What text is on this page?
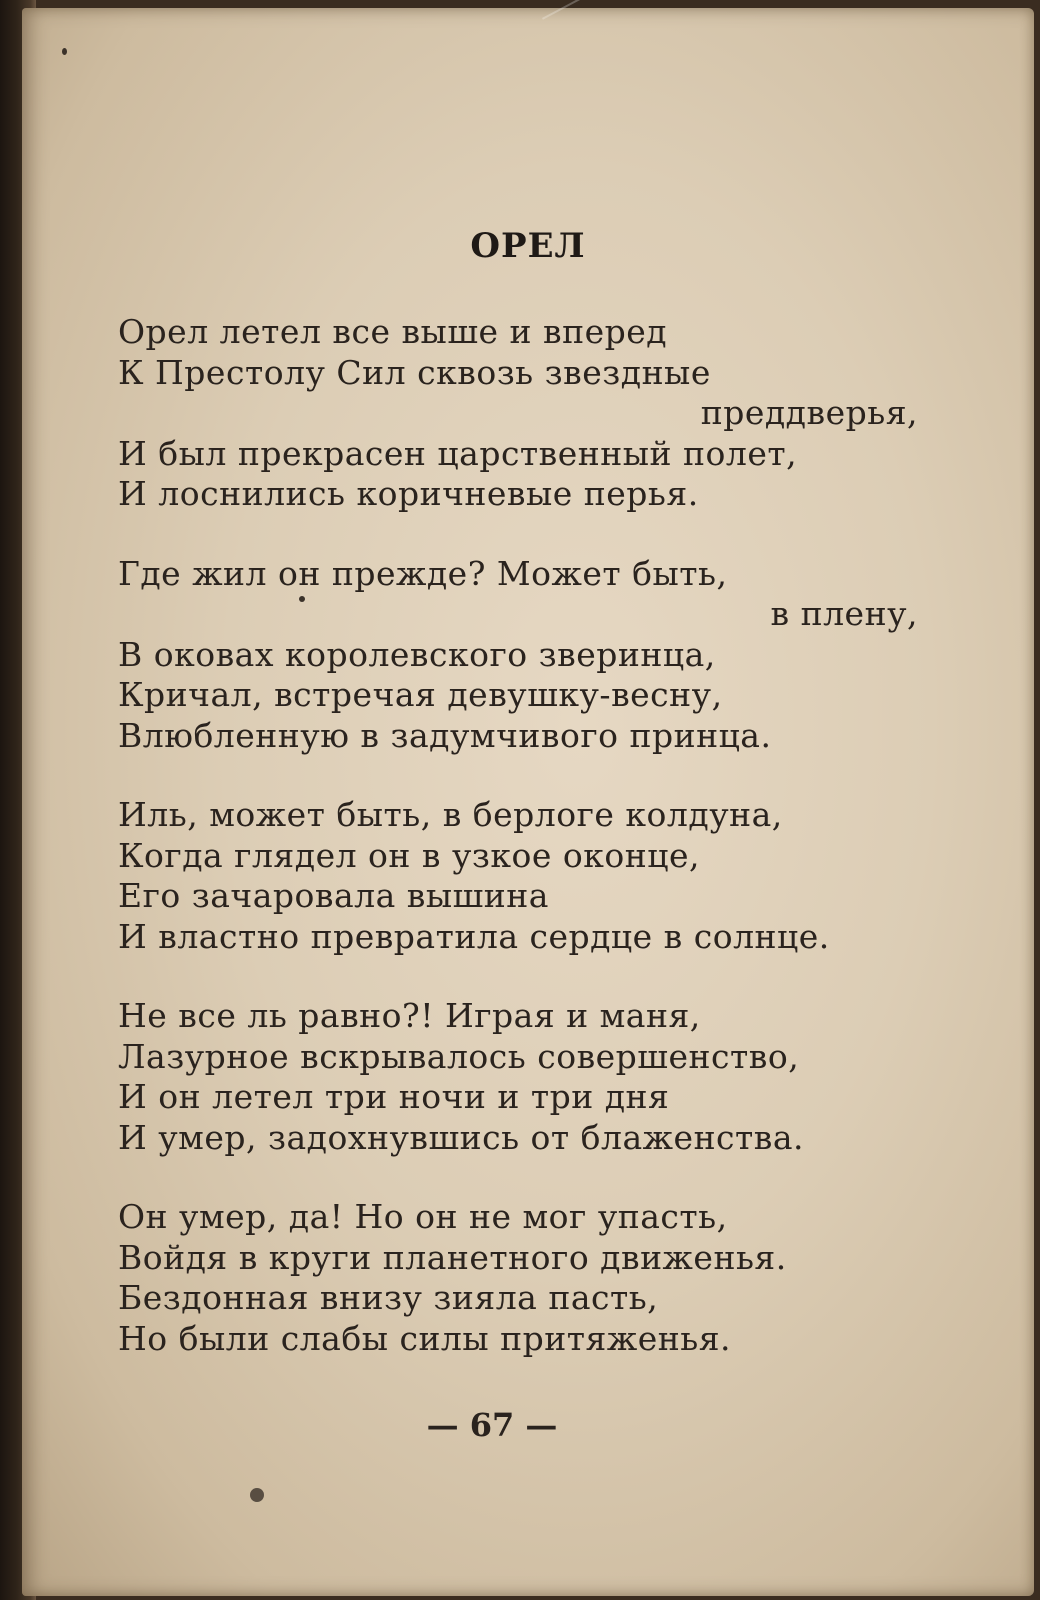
ОРЕЛ
Орел летел все выше и вперед
К Престолу Сил сквозь звездные
преддверья,
И был прекрасен царственный полет,
И лоснились коричневые перья.
Где жил он прежде? Может быть,
в плену,
В оковах королевского зверинца,
Кричал, встречая девушку-весну,
Влюбленную в задумчивого принца.
Иль, может быть, в берлоге колдуна,
Когда глядел он в узкое оконце,
Его зачаровала вышина
И властно превратила сердце в солнце.
Не все ль равно?! Играя и маня,
Лазурное вскрывалось совершенство,
И он летел три ночи и три дня
И умер, задохнувшись от блаженства.
Он умер, да! Но он не мог упасть,
Войдя в круги планетного движенья.
Бездонная внизу зияла пасть,
Но были слабы силы притяженья.
— 67 —
